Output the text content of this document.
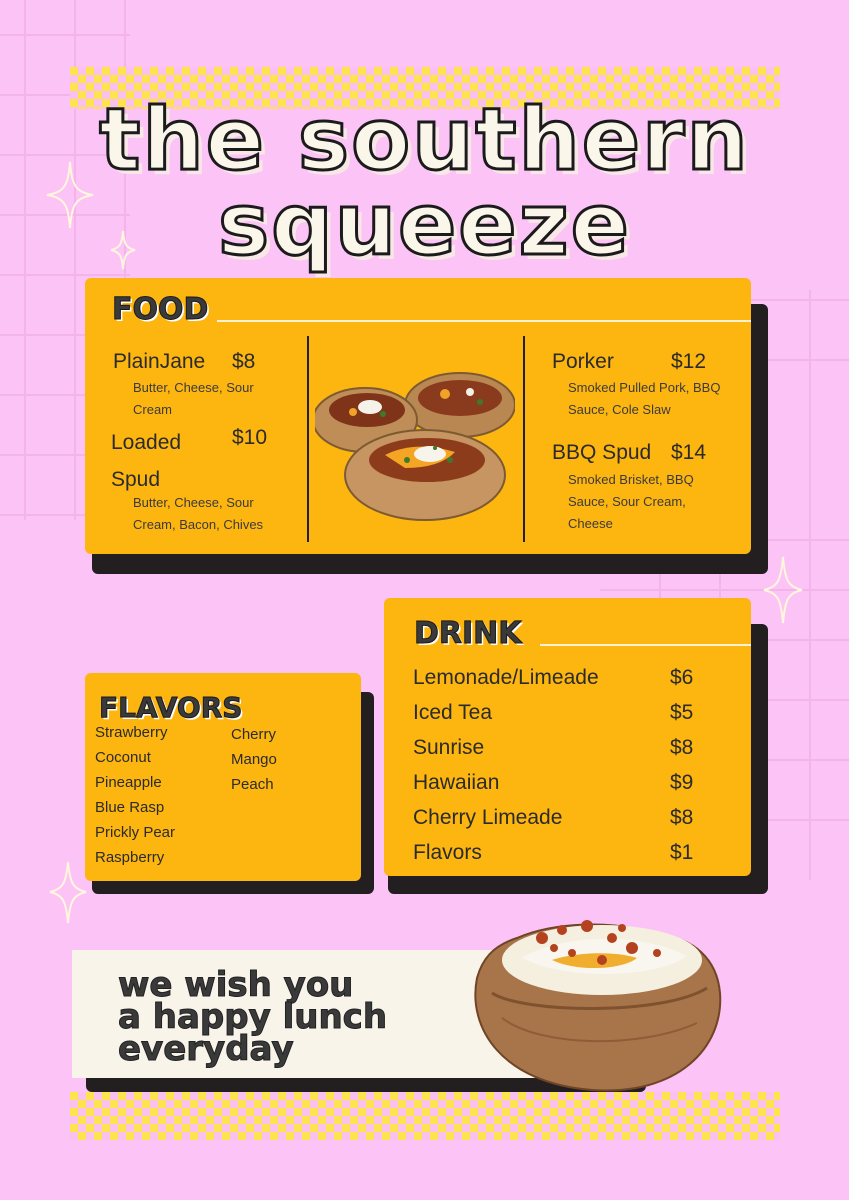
the southern
squeeze
FOOD
PlainJane $8
Butter, Cheese, Sour
Cream
Loaded $10
Spud
Butter, Cheese, Sour
Cream, Bacon, Chives
Porker	$12
Smoked Pulled Pork, BBQ
Sauce, Cole Slaw
BBQ Spud $14
Smoked Brisket, BBQ
Sauce, Sour Cream,
Cheese
FLAVORS
Strawberry
Coconut
Pineapple
Blue Rasp
Prickly Pear
Raspberry
Cherry
Mango
Peach
DRINK
Lemonade/Limeade	$6
Iced Tea	$5
Sunrise	$8
Hawaiian	$9
Cherry Limeade	$8
Flavors	$1
we wish you
a happy lunch
everyday
